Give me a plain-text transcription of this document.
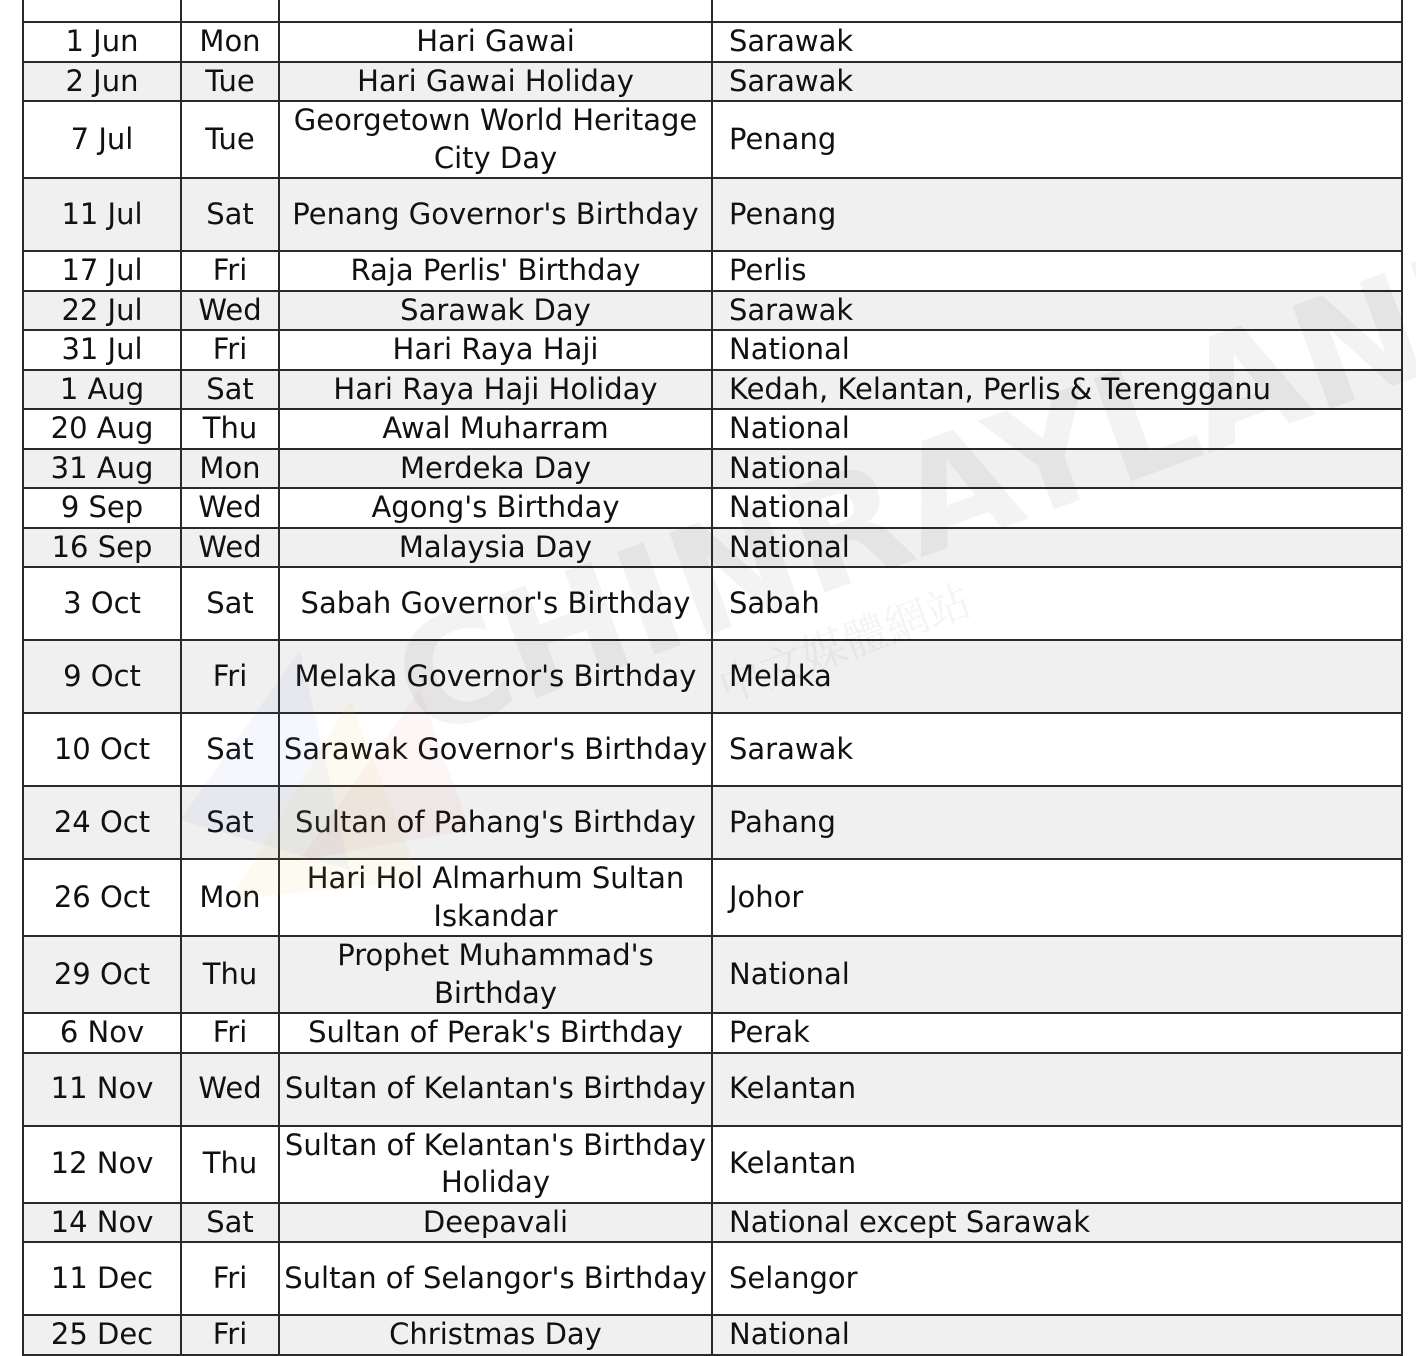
1 Jun	Mon	Hari Gawai	Sarawak
2 Jun	Tue	Hari Gawai Holiday	Sarawak
7 Jul	Tue	Georgetown World Heritage City Day	Penang
11 Jul	Sat	Penang Governor's Birthday	Penang
17 Jul	Fri	Raja Perlis' Birthday	Perlis
22 Jul	Wed	Sarawak Day	Sarawak
31 Jul	Fri	Hari Raya Haji	National
1 Aug	Sat	Hari Raya Haji Holiday	Kedah, Kelantan, Perlis & Terengganu
20 Aug	Thu	Awal Muharram	National
31 Aug	Mon	Merdeka Day	National
9 Sep	Wed	Agong's Birthday	National
16 Sep	Wed	Malaysia Day	National
3 Oct	Sat	Sabah Governor's Birthday	Sabah
9 Oct	Fri	Melaka Governor's Birthday	Melaka
10 Oct	Sat	Sarawak Governor's Birthday	Sarawak
24 Oct	Sat	Sultan of Pahang's Birthday	Pahang
26 Oct	Mon	Hari Hol Almarhum Sultan Iskandar	Johor
29 Oct	Thu	Prophet Muhammad's Birthday	National
6 Nov	Fri	Sultan of Perak's Birthday	Perak
11 Nov	Wed	Sultan of Kelantan's Birthday	Kelantan
12 Nov	Thu	Sultan of Kelantan's Birthday Holiday	Kelantan
14 Nov	Sat	Deepavali	National except Sarawak
11 Dec	Fri	Sultan of Selangor's Birthday	Selangor
25 Dec	Fri	Christmas Day	National
